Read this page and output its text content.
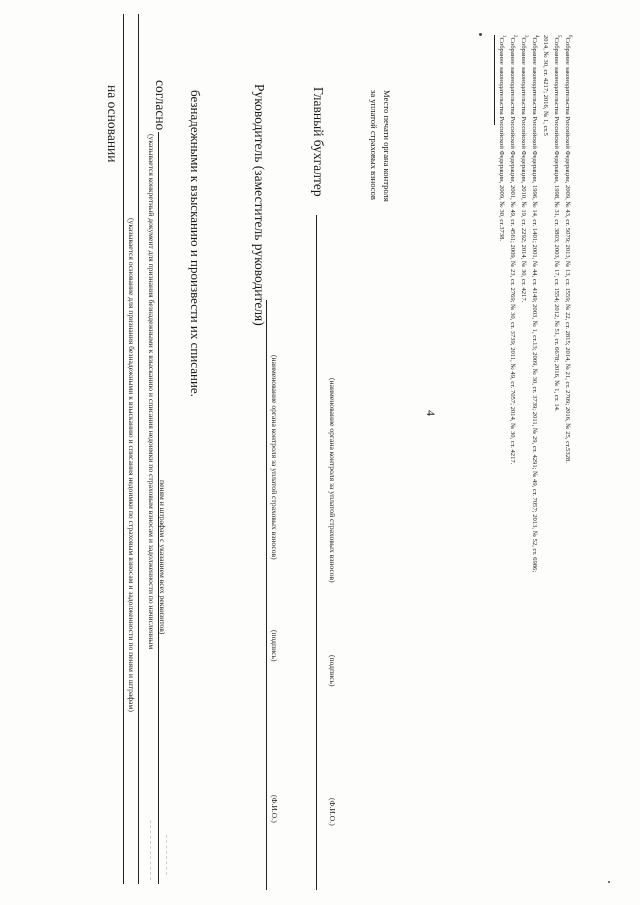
4
на основании
(указывается основание для признания безнадежными к взысканию и списания недоимки по страховым взносам и задолженности по пеням и штрафам)
согласно
(указывается конкретный документ для признания безнадежными к взысканию и списания недоимки по страховым взносам и задолженности по начисленным пеням и штрафам с указанием всех реквизитов)
безнадежными к взысканию и произвести их списание.	Руководитель (заместитель руководителя)
(наименование органа контроля за уплатой страховых взносов)
(подпись)
(Ф.И.О.)
Главный бухгалтер
(наименование органа контроля за уплатой страховых взносов)
(подпись)
(Ф.И.О.)
Место печати органа контроля
за уплатой страховых взносов
$^1$Собрание законодательства Российской Федерации, 2009, № 30, ст.3738.
$^2$Собрание законодательства Российской Федерации, 2001, № 49, ст. 4561; 2009, № 23, ст. 2769; № 30, ст. 3739; 2011, № 49, ст. 7057; 2014, № 30, ст. 4217.
$^3$Собрание законодательства Российской Федерации, 2010, № 19, ст. 2292; 2014, № 30, ст. 4217.
$^4$Собрание законодательства Российской Федерации, 1996, № 14, ст. 1401; 2001, № 44, ст. 4149; 2003, № 1, ст.13; 2009, № 30, ст. 3739; 2011, № 29, ст. 4291; № 49, ст. 7057; 2013, № 52, ст. 6986; 2014, № 30, ст. 4217; 2016, № 1, ст.5	$^5$Собрание законодательства Российской Федерации, 1998, № 31, ст. 3803; 2003, № 17, ст. 1554; 2012, № 51, ст. 6678; 2016, № 1, ст. 14.
$^6$Собрание законодательства Российской Федерации, 2009, № 43, ст. 5079; 2013, № 13, ст. 1559; № 22, ст. 2815; 2014, № 21, ст. 2709; 2016, № 25, ст.5328.
